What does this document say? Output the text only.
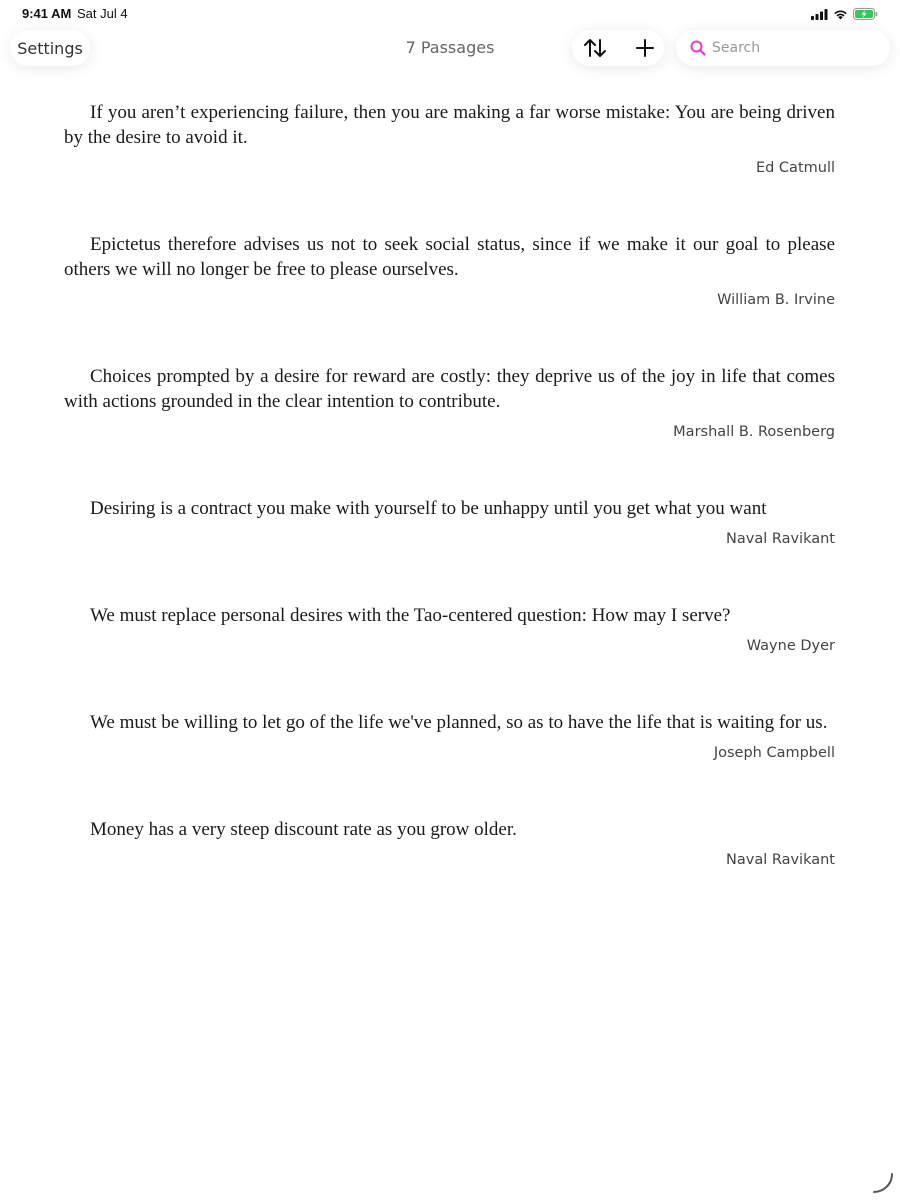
9:41 AM Sat Jul 4
Settings	7 Passages
Search

If you aren’t experiencing failure, then you are making a far worse mistake: You are being driven by the desire to avoid it.

Ed Catmull

Epictetus therefore advises us not to seek social status, since if we make it our goal to please others we will no longer be free to please ourselves.

William B. Irvine

Choices prompted by a desire for reward are costly: they deprive us of the joy in life that comes with actions grounded in the clear intention to contribute.

Marshall B. Rosenberg

Desiring is a contract you make with yourself to be unhappy until you get what you want

Naval Ravikant

We must replace personal desires with the Tao-centered question: How may I serve?

Wayne Dyer

We must be willing to let go of the life we've planned, so as to have the life that is waiting for us.

Joseph Campbell

Money has a very steep discount rate as you grow older.

Naval Ravikant
